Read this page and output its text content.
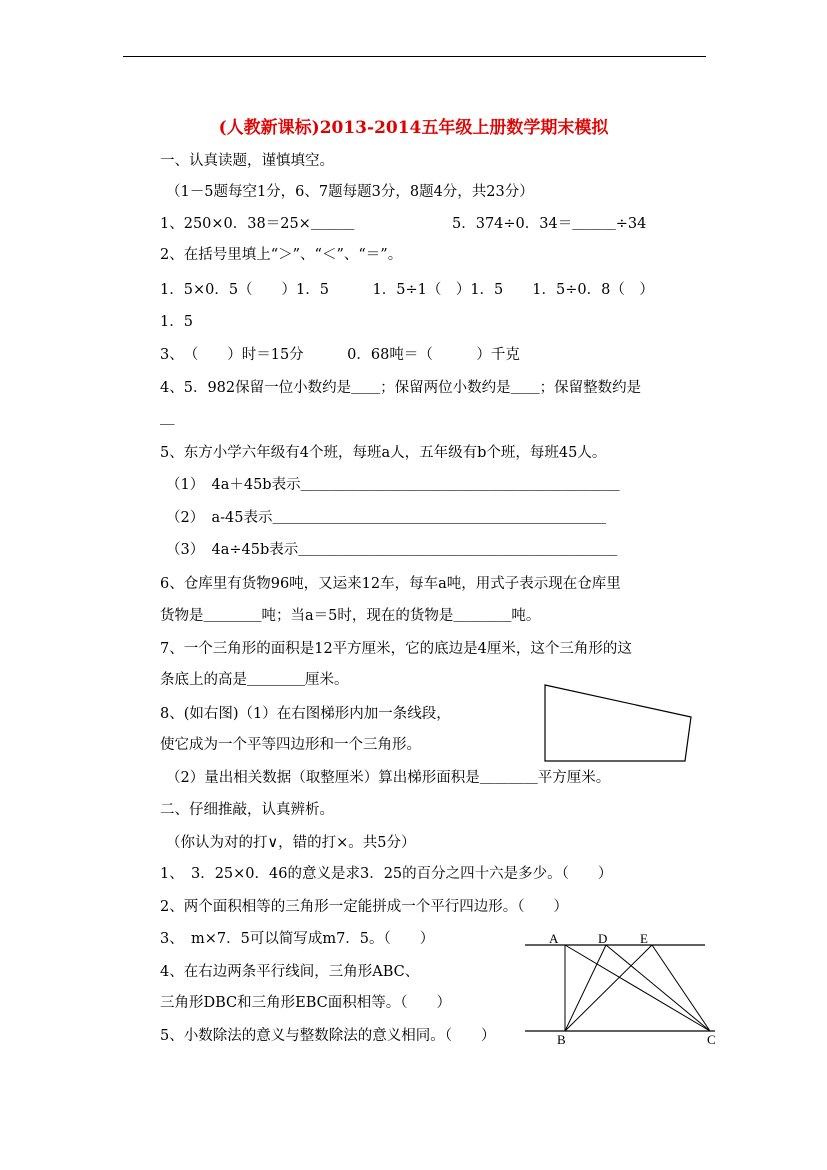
(人教新课标)2013-2014五年级上册数学期末模拟
一、认真读题，谨慎填空。
（1－5题每空1分，6、7题每题3分，8题4分，共23分）
1、250×0．38＝25×＿＿＿	5．374÷0．34＝＿＿＿÷34
2、在括号里填上“＞”、“＜”、“＝”。
1．5×0．5（　　）1．5　　　1．5÷1（　）1．5　　1．5÷0．8（　）
1．5
3、　（　　）时＝15分　　　0．68吨＝（　　　）千克
4、5．982保留一位小数约是＿＿；保留两位小数约是＿＿；保留整数约是
＿
5、东方小学六年级有4个班，每班a人，五年级有b个班，每班45人。
（1）　4a＋45b表示＿＿＿＿＿＿＿＿＿＿＿＿＿＿＿＿＿＿＿＿＿＿
（2）　a-45表示＿＿＿＿＿＿＿＿＿＿＿＿＿＿＿＿＿＿＿＿＿＿＿
（3）　4a÷45b表示＿＿＿＿＿＿＿＿＿＿＿＿＿＿＿＿＿＿＿＿＿＿
6、仓库里有货物96吨，又运来12车，每车a吨，用式子表示现在仓库里
货物是＿＿＿＿吨；当a＝5时，现在的货物是＿＿＿＿吨。
7、一个三角形的面积是12平方厘米，它的底边是4厘米，这个三角形的这
条底上的高是＿＿＿＿厘米。
8、(如右图)（1）在右图梯形内加一条线段，
使它成为一个平等四边形和一个三角形。
（2）量出相关数据（取整厘米）算出梯形面积是＿＿＿＿平方厘米。
二、仔细推敲，认真辨析。
（你认为对的打∨，错的打×。共5分）
1、　3．25×0．46的意义是求3．25的百分之四十六是多少。（　　）
2、两个面积相等的三角形一定能拼成一个平行四边形。（　　）
3、　m×7．5可以简写成m7．5。（　　）
4、在右边两条平行线间，三角形ABC、
三角形DBC和三角形EBC面积相等。（　　）
5、小数除法的意义与整数除法的意义相同。（　　）
A	D	E
B	C
